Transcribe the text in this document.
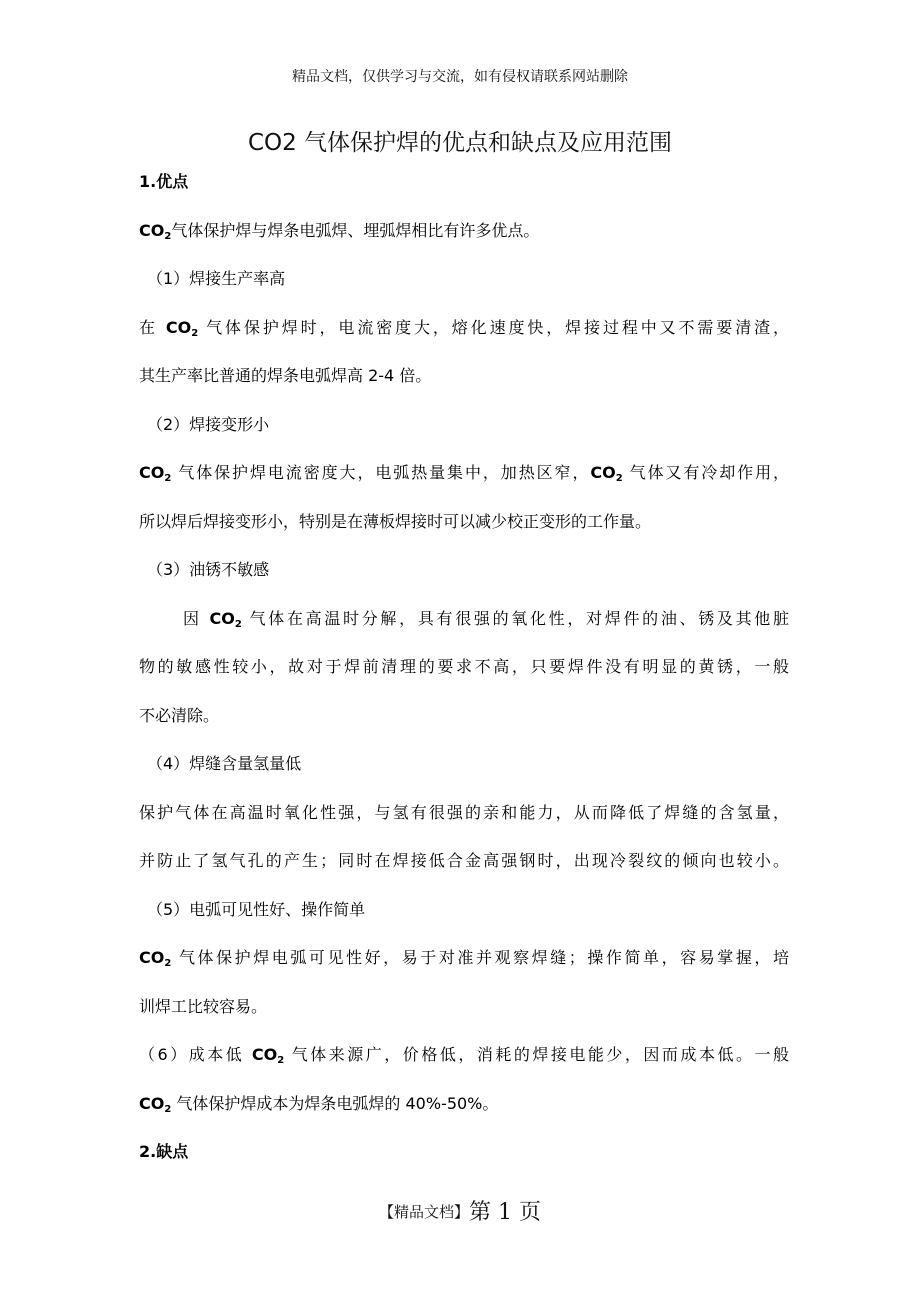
精品文档，仅供学习与交流，如有侵权请联系网站删除
CO2 气体保护焊的优点和缺点及应用范围
1.优点
$CO_2$气体保护焊与焊条电弧焊、埋弧焊相比有许多优点。
（1）焊接生产率高
在 $CO_2$ 气体保护焊时，电流密度大，熔化速度快，焊接过程中又不需要清渣，
其生产率比普通的焊条电弧焊高 2-4 倍。
（2）焊接变形小
$CO_2$ 气体保护焊电流密度大，电弧热量集中，加热区窄，$CO_2$ 气体又有冷却作用，
所以焊后焊接变形小，特别是在薄板焊接时可以减少校正变形的工作量。
（3）油锈不敏感
因 $CO_2$ 气体在高温时分解，具有很强的氧化性，对焊件的油、锈及其他脏
物的敏感性较小，故对于焊前清理的要求不高，只要焊件没有明显的黄锈，一般
不必清除。
（4）焊缝含量氢量低
保护气体在高温时氧化性强，与氢有很强的亲和能力，从而降低了焊缝的含氢量，
并防止了氢气孔的产生；同时在焊接低合金高强钢时，出现冷裂纹的倾向也较小。
（5）电弧可见性好、操作简单
$CO_2$ 气体保护焊电弧可见性好，易于对准并观察焊缝；操作简单，容易掌握，培
训焊工比较容易。
（6）成本低 $CO_2$ 气体来源广，价格低，消耗的焊接电能少，因而成本低。一般
$CO_2$ 气体保护焊成本为焊条电弧焊的 40%-50%。
2.缺点
【精品文档】第 1 页
